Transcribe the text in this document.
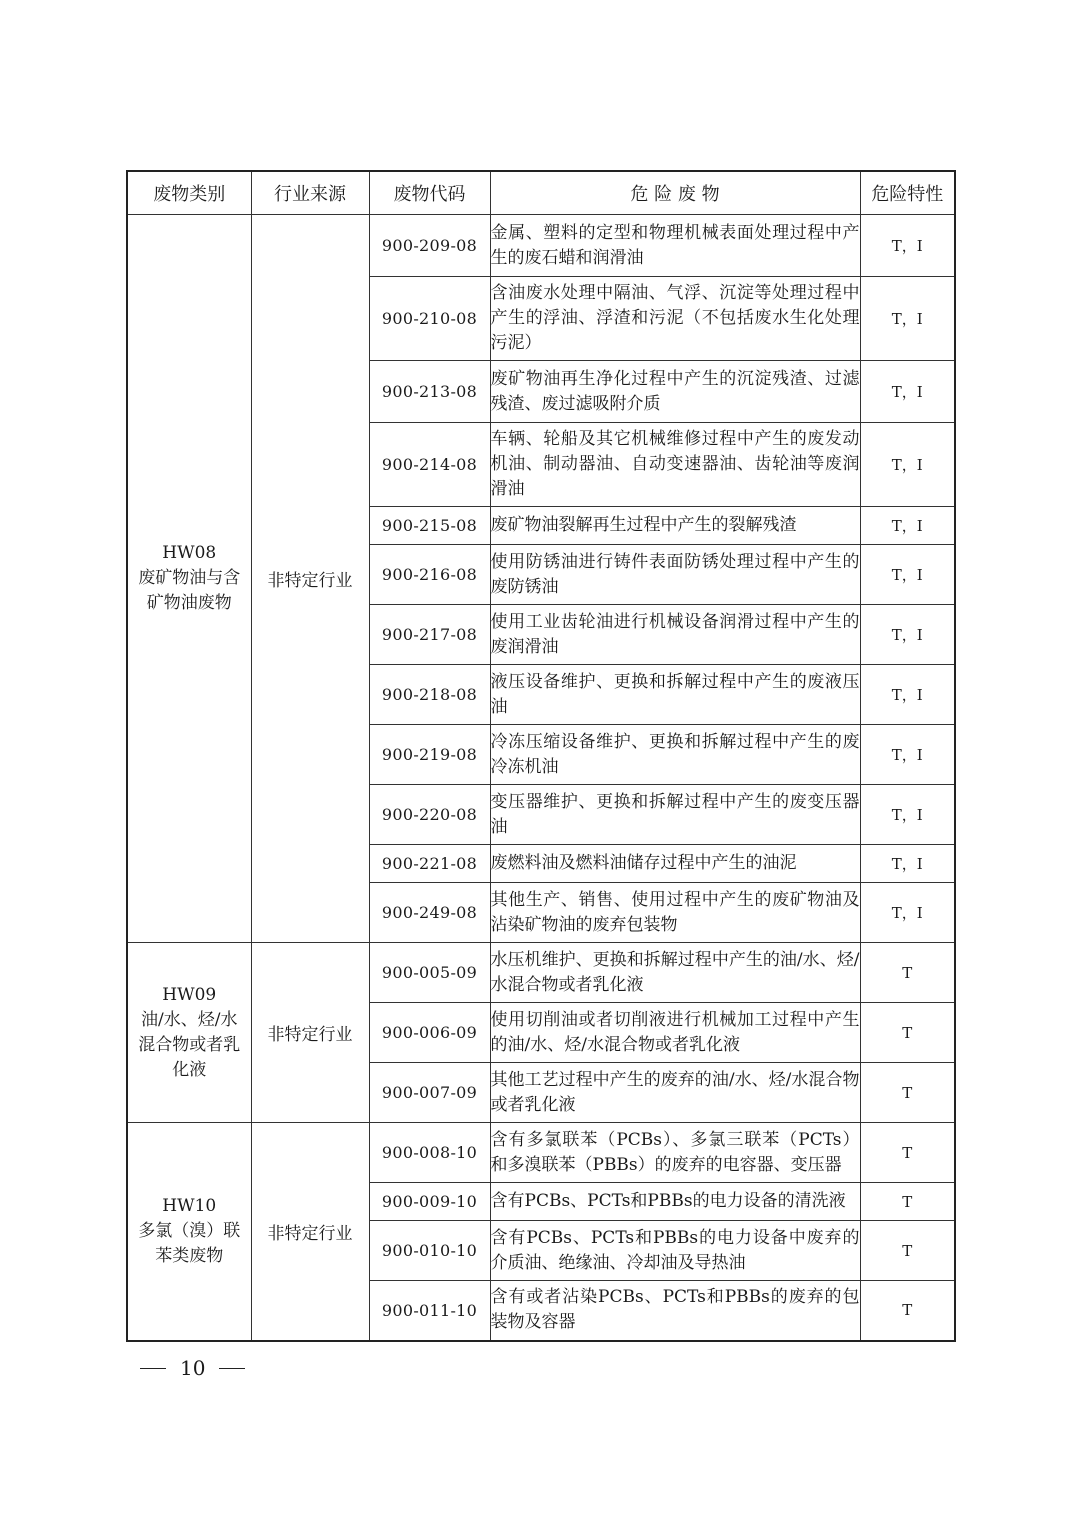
废物类别	行业来源	废物代码	危 险 废 物	危险特性

HW08
废矿物油与含
矿物油废物	非特定行业	900-209-08	金属、塑料的定型和物理机械表面处理过程中产生的废石蜡和润滑油	T，I
		900-210-08	含油废水处理中隔油、气浮、沉淀等处理过程中产生的浮油、浮渣和污泥（不包括废水生化处理污泥）	T，I
		900-213-08	废矿物油再生净化过程中产生的沉淀残渣、过滤残渣、废过滤吸附介质	T，I
		900-214-08	车辆、轮船及其它机械维修过程中产生的废发动机油、制动器油、自动变速器油、齿轮油等废润滑油	T，I
		900-215-08	废矿物油裂解再生过程中产生的裂解残渣	T，I
		900-216-08	使用防锈油进行铸件表面防锈处理过程中产生的废防锈油	T，I
		900-217-08	使用工业齿轮油进行机械设备润滑过程中产生的废润滑油	T，I
		900-218-08	液压设备维护、更换和拆解过程中产生的废液压油	T，I
		900-219-08	冷冻压缩设备维护、更换和拆解过程中产生的废冷冻机油	T，I
		900-220-08	变压器维护、更换和拆解过程中产生的废变压器油	T，I
		900-221-08	废燃料油及燃料油储存过程中产生的油泥	T，I
		900-249-08	其他生产、销售、使用过程中产生的废矿物油及沾染矿物油的废弃包装物	T，I

HW09
油/水、烃/水
混合物或者乳
化液	非特定行业	900-005-09	水压机维护、更换和拆解过程中产生的油/水、烃/水混合物或者乳化液	T
		900-006-09	使用切削油或者切削液进行机械加工过程中产生的油/水、烃/水混合物或者乳化液	T
		900-007-09	其他工艺过程中产生的废弃的油/水、烃/水混合物或者乳化液	T

HW10
多氯（溴）联
苯类废物	非特定行业	900-008-10	含有多氯联苯（PCBs）、多氯三联苯（PCTs）和多溴联苯（PBBs）的废弃的电容器、变压器	T
		900-009-10	含有PCBs、PCTs和PBBs的电力设备的清洗液	T
		900-010-10	含有PCBs、PCTs和PBBs的电力设备中废弃的介质油、绝缘油、冷却油及导热油	T
		900-011-10	含有或者沾染PCBs、PCTs和PBBs的废弃的包装物及容器	T
10
